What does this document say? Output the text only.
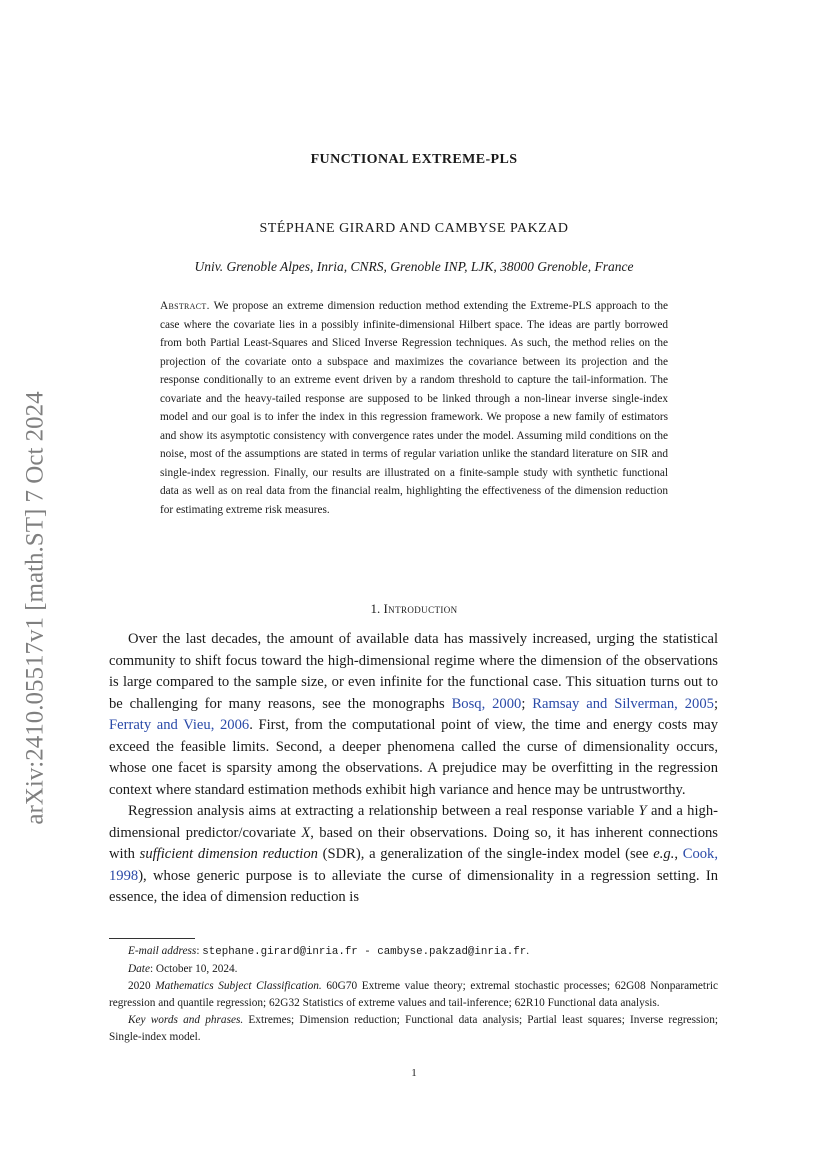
arXiv:2410.05517v1 [math.ST] 7 Oct 2024
FUNCTIONAL EXTREME-PLS
STÉPHANE GIRARD AND CAMBYSE PAKZAD
Univ. Grenoble Alpes, Inria, CNRS, Grenoble INP, LJK, 38000 Grenoble, France
Abstract. We propose an extreme dimension reduction method extending the Extreme-PLS approach to the case where the covariate lies in a possibly infinite-dimensional Hilbert space. The ideas are partly borrowed from both Partial Least-Squares and Sliced Inverse Regression techniques. As such, the method relies on the projection of the covariate onto a subspace and maximizes the covariance between its projection and the response conditionally to an extreme event driven by a random threshold to capture the tail-information. The covariate and the heavy-tailed response are supposed to be linked through a non-linear inverse single-index model and our goal is to infer the index in this regression framework. We propose a new family of estimators and show its asymptotic consistency with convergence rates under the model. Assuming mild conditions on the noise, most of the assumptions are stated in terms of regular variation unlike the standard literature on SIR and single-index regression. Finally, our results are illustrated on a finite-sample study with synthetic functional data as well as on real data from the financial realm, highlighting the effectiveness of the dimension reduction for estimating extreme risk measures.
1. Introduction

Over the last decades, the amount of available data has massively increased, urging the statistical community to shift focus toward the high-dimensional regime where the dimension of the observations is large compared to the sample size, or even infinite for the functional case. This situation turns out to be challenging for many reasons, see the monographs Bosq, 2000; Ramsay and Silverman, 2005; Ferraty and Vieu, 2006. First, from the computational point of view, the time and energy costs may exceed the feasible limits. Second, a deeper phenomena called the curse of dimensionality occurs, whose one facet is sparsity among the observations. A prejudice may be overfitting in the regression context where standard estimation methods exhibit high variance and hence may be untrustworthy.

Regression analysis aims at extracting a relationship between a real response variable Y and a high-dimensional predictor/covariate X, based on their observations. Doing so, it has inherent connections with sufficient dimension reduction (SDR), a generalization of the single-index model (see e.g., Cook, 1998), whose generic purpose is to alleviate the curse of dimensionality in a regression setting. In essence, the idea of dimension reduction is

E-mail address: stephane.girard@inria.fr - cambyse.pakzad@inria.fr.

Date: October 10, 2024.

2020 Mathematics Subject Classification. 60G70 Extreme value theory; extremal stochastic processes; 62G08 Nonparametric regression and quantile regression; 62G32 Statistics of extreme values and tail-inference; 62R10 Functional data analysis.

Key words and phrases. Extremes; Dimension reduction; Functional data analysis; Partial least squares; Inverse regression; Single-index model.

1
